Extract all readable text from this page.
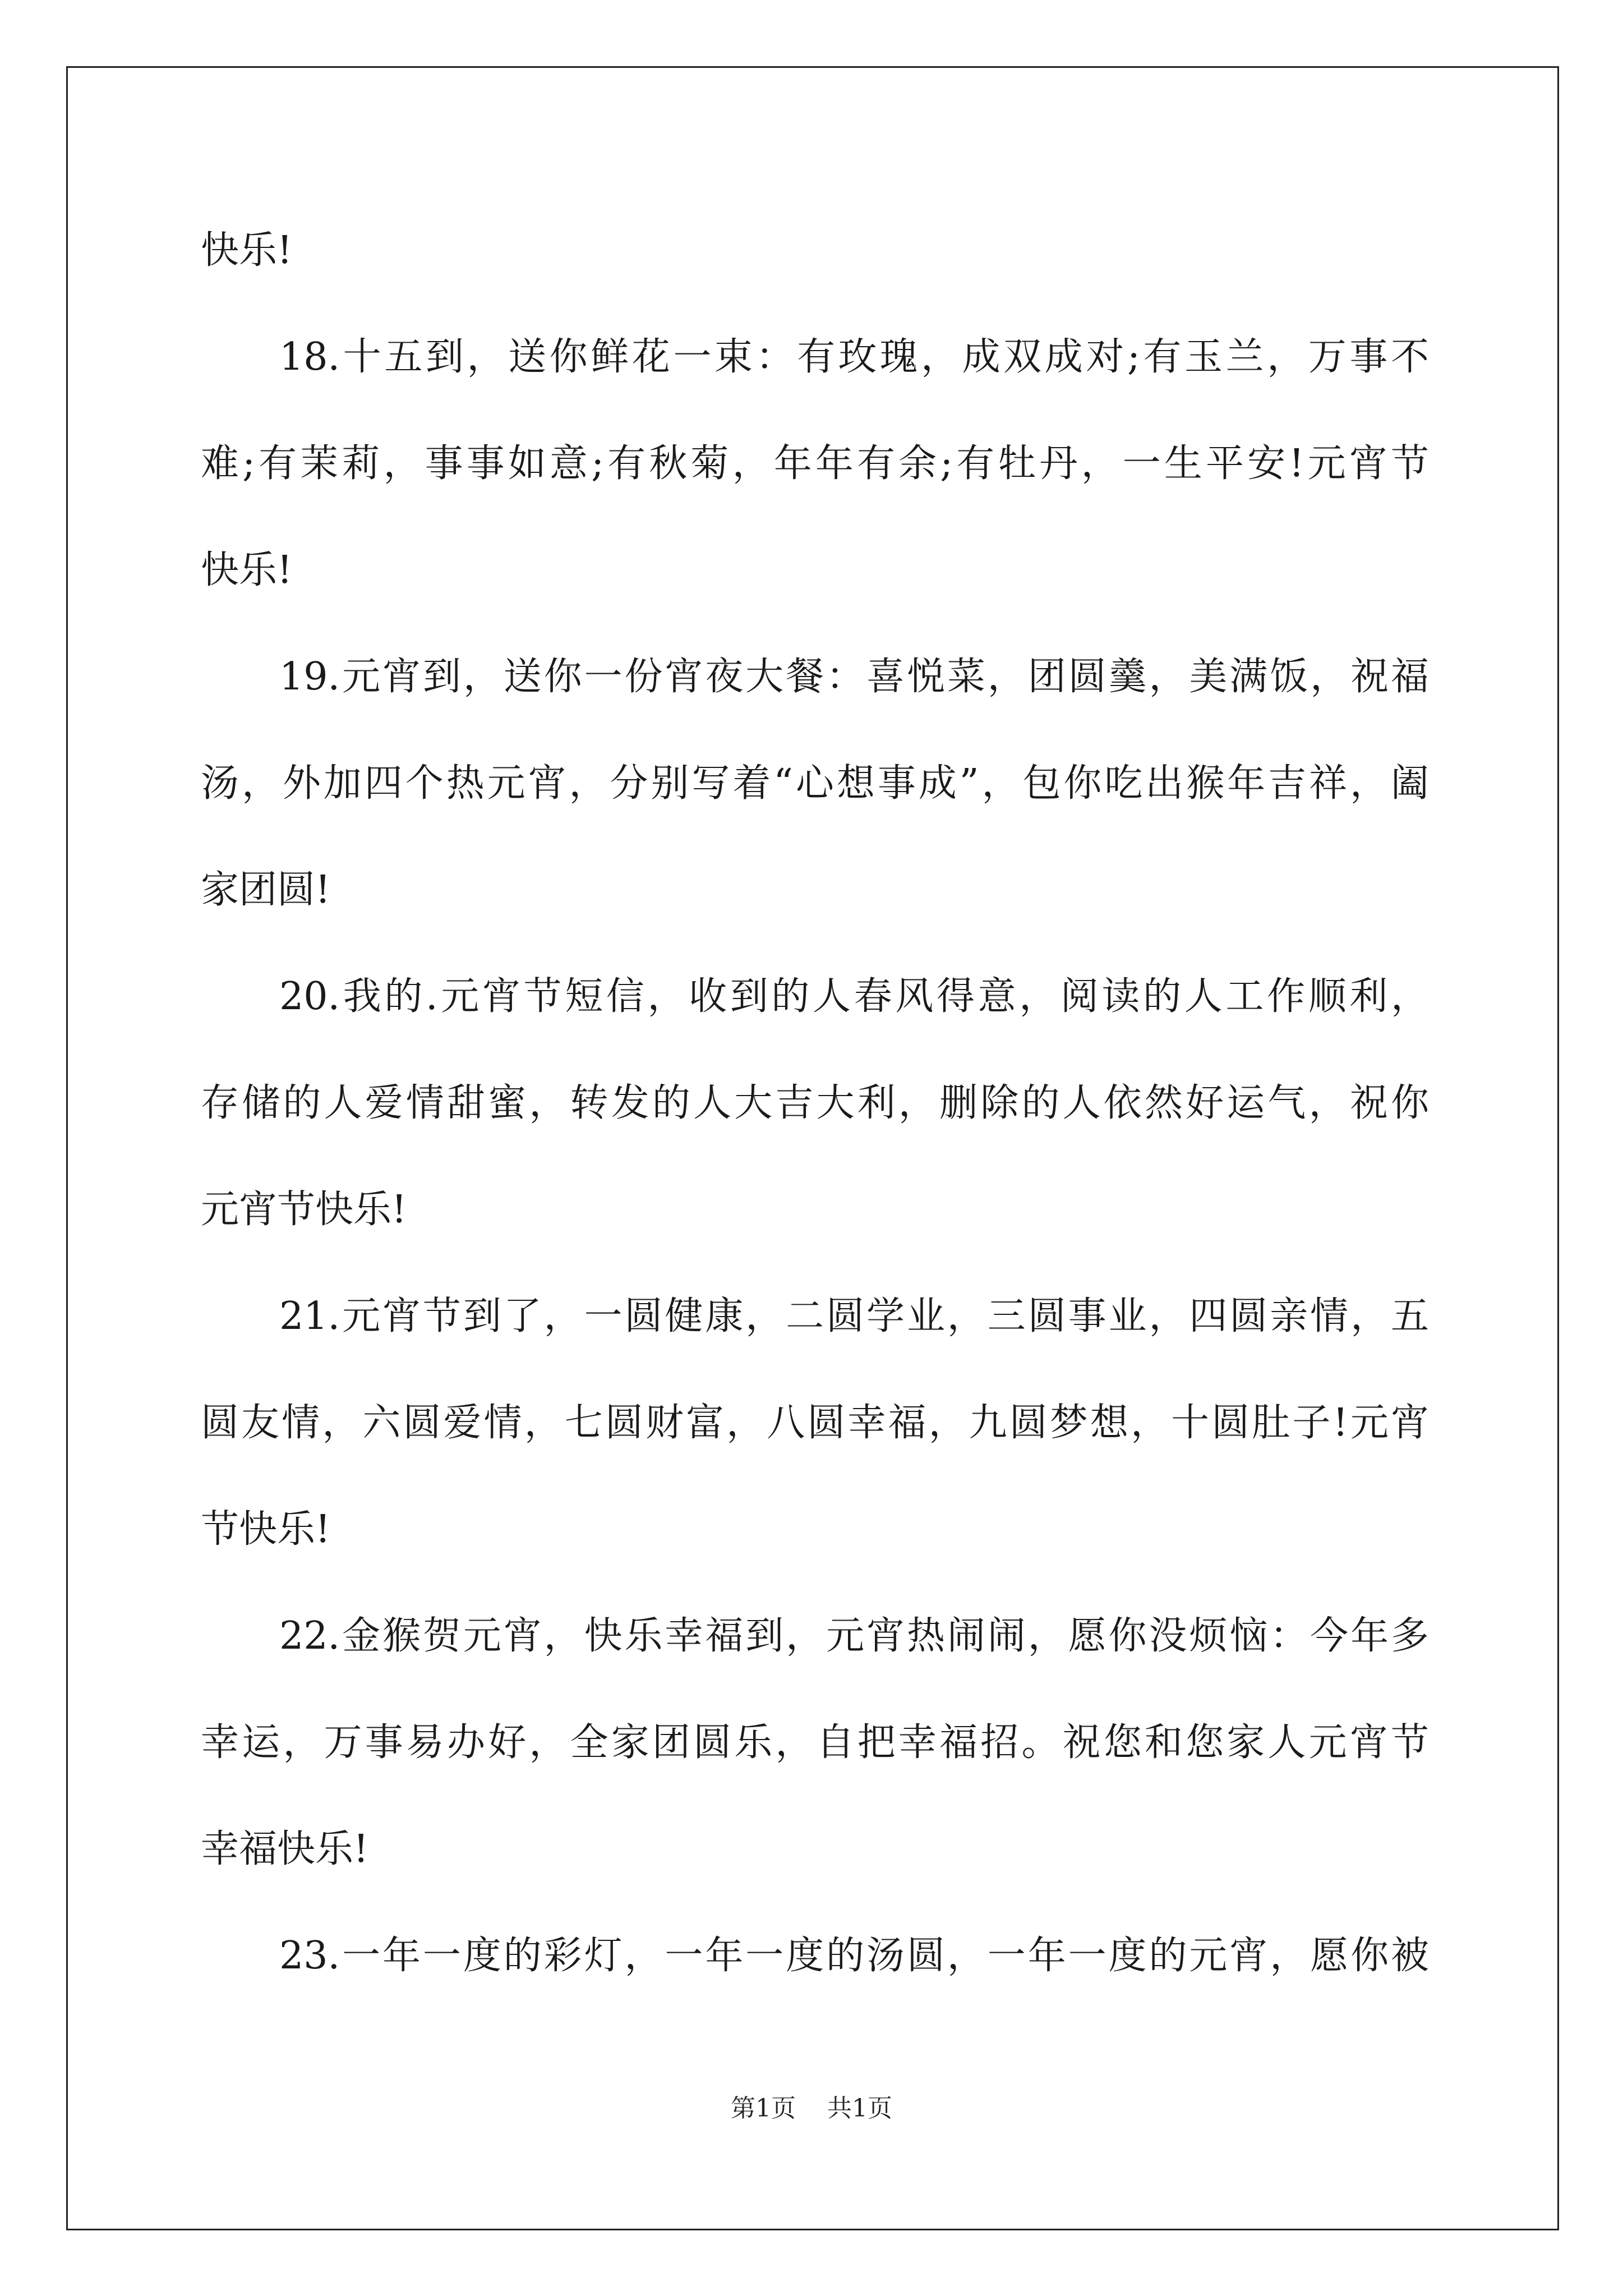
快乐!
18.十五到，送你鲜花一束：有玫瑰，成双成对;有玉兰，万事不
难;有茉莉，事事如意;有秋菊，年年有余;有牡丹，一生平安!元宵节
快乐!
19.元宵到，送你一份宵夜大餐：喜悦菜，团圆羹，美满饭，祝福
汤，外加四个热元宵，分别写着“心想事成”，包你吃出猴年吉祥，阖
家团圆!
20.我的.元宵节短信，收到的人春风得意，阅读的人工作顺利，
存储的人爱情甜蜜，转发的人大吉大利，删除的人依然好运气，祝你
元宵节快乐!
21.元宵节到了，一圆健康，二圆学业，三圆事业，四圆亲情，五
圆友情，六圆爱情，七圆财富，八圆幸福，九圆梦想，十圆肚子!元宵
节快乐!
22.金猴贺元宵，快乐幸福到，元宵热闹闹，愿你没烦恼：今年多
幸运，万事易办好，全家团圆乐，自把幸福招。祝您和您家人元宵节
幸福快乐!
23.一年一度的彩灯，一年一度的汤圆，一年一度的元宵，愿你被
第1页 共1页
